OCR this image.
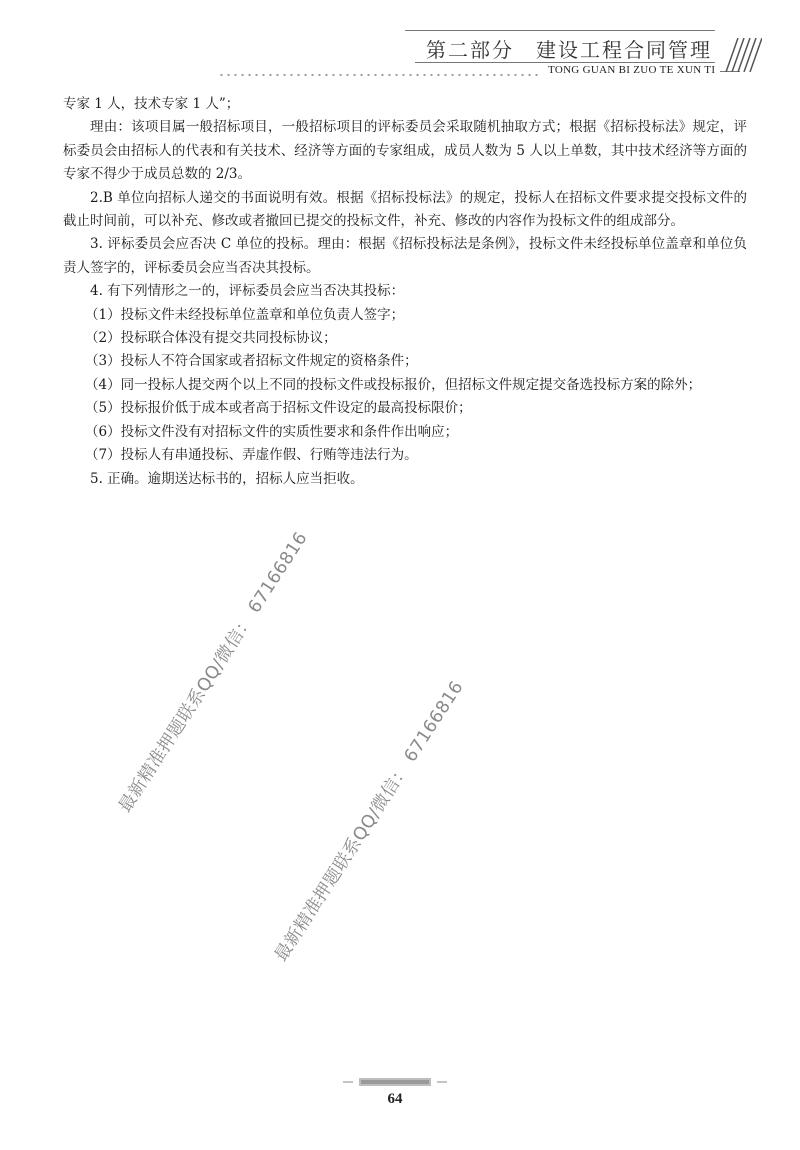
第二部分　建设工程合同管理
TONG GUAN BI ZUO TE XUN TI

专家 1 人，技术专家 1 人”；

理由：该项目属一般招标项目，一般招标项目的评标委员会采取随机抽取方式；根据《招标投标法》规定，评标委员会由招标人的代表和有关技术、经济等方面的专家组成，成员人数为 5 人以上单数，其中技术经济等方面的专家不得少于成员总数的 2/3。

2.B 单位向招标人递交的书面说明有效。根据《招标投标法》的规定，投标人在招标文件要求提交投标文件的截止时间前，可以补充、修改或者撤回已提交的投标文件，补充、修改的内容作为投标文件的组成部分。

3. 评标委员会应否决 C 单位的投标。理由：根据《招标投标法是条例》，投标文件未经投标单位盖章和单位负责人签字的，评标委员会应当否决其投标。

4. 有下列情形之一的，评标委员会应当否决其投标：

（1）投标文件未经投标单位盖章和单位负责人签字；

（2）投标联合体没有提交共同投标协议；

（3）投标人不符合国家或者招标文件规定的资格条件；

（4）同一投标人提交两个以上不同的投标文件或投标报价，但招标文件规定提交备选投标方案的除外；

（5）投标报价低于成本或者高于招标文件设定的最高投标限价；

（6）投标文件没有对招标文件的实质性要求和条件作出响应；

（7）投标人有串通投标、弄虚作假、行贿等违法行为。

5. 正确。逾期送达标书的，招标人应当拒收。

最新精准押题联系QQ/微信： 67166816
最新精准押题联系QQ/微信： 67166816
64
